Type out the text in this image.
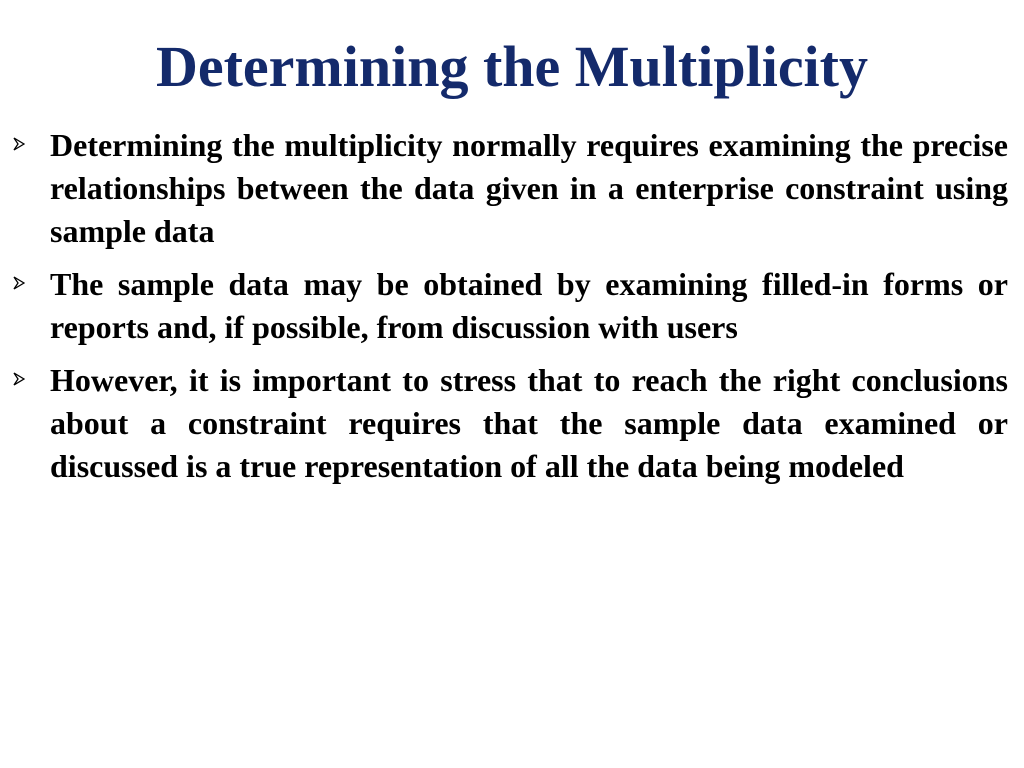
Determining the Multiplicity
Determining the multiplicity normally requires examining the precise relationships between the data given in a enterprise constraint using sample data
The sample data may be obtained by examining filled-in forms or reports and, if possible, from discussion with users
However, it is important to stress that to reach the right conclusions about a constraint requires that the sample data examined or discussed is a true representation of all the data being modeled
